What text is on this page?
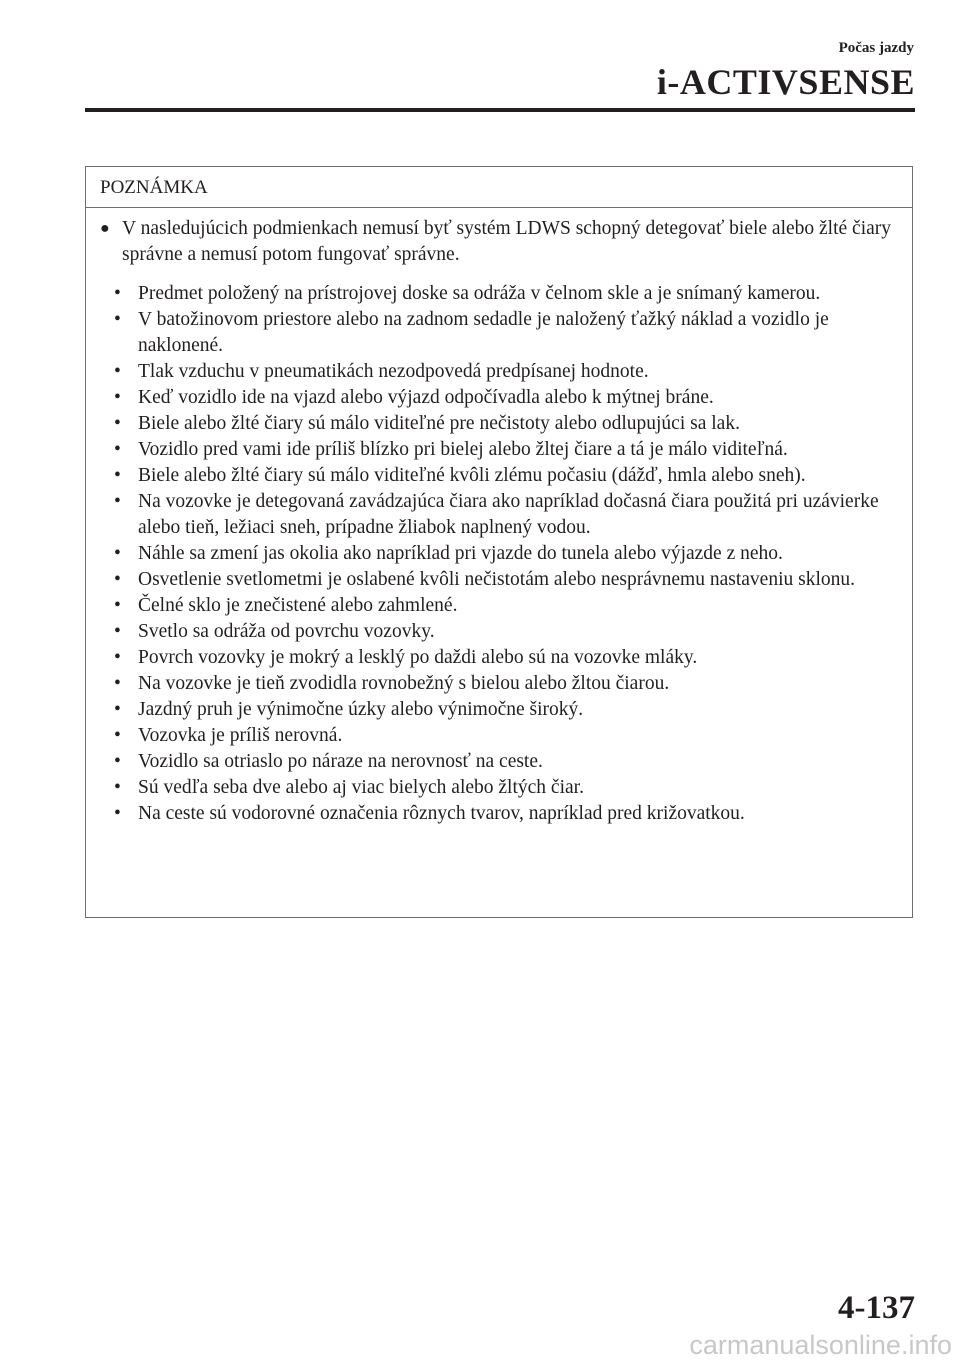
Počas jazdy
i-ACTIVSENSE
POZNÁMKA
● V nasledujúcich podmienkach nemusí byť systém LDWS schopný detegovať biele alebo žlté čiary správne a nemusí potom fungovať správne.
• Predmet položený na prístrojovej doske sa odráža v čelnom skle a je snímaný kamerou.
• V batožinovom priestore alebo na zadnom sedadle je naložený ťažký náklad a vozidlo je naklonené.
• Tlak vzduchu v pneumatikách nezodpovedá predpísanej hodnote.
• Keď vozidlo ide na vjazd alebo výjazd odpočívadla alebo k mýtnej bráne.
• Biele alebo žlté čiary sú málo viditeľné pre nečistoty alebo odlupujúci sa lak.
• Vozidlo pred vami ide príliš blízko pri bielej alebo žltej čiare a tá je málo viditeľná.
• Biele alebo žlté čiary sú málo viditeľné kvôli zlému počasiu (dážď, hmla alebo sneh).
• Na vozovke je detegovaná zavádzajúca čiara ako napríklad dočasná čiara použitá pri uzávierke alebo tieň, ležiaci sneh, prípadne žliabok naplnený vodou.
• Náhle sa zmení jas okolia ako napríklad pri vjazde do tunela alebo výjazde z neho.
• Osvetlenie svetlometmi je oslabené kvôli nečistotám alebo nesprávnemu nastaveniu sklonu.
• Čelné sklo je znečistené alebo zahmlené.
• Svetlo sa odráža od povrchu vozovky.
• Povrch vozovky je mokrý a lesklý po daždi alebo sú na vozovke mláky.
• Na vozovke je tieň zvodidla rovnobežný s bielou alebo žltou čiarou.
• Jazdný pruh je výnimočne úzky alebo výnimočne široký.
• Vozovka je príliš nerovná.
• Vozidlo sa otriaslo po náraze na nerovnosť na ceste.
• Sú vedľa seba dve alebo aj viac bielych alebo žltých čiar.
• Na ceste sú vodorovné označenia rôznych tvarov, napríklad pred križovatkou.
4-137
carmanualsonline.info
